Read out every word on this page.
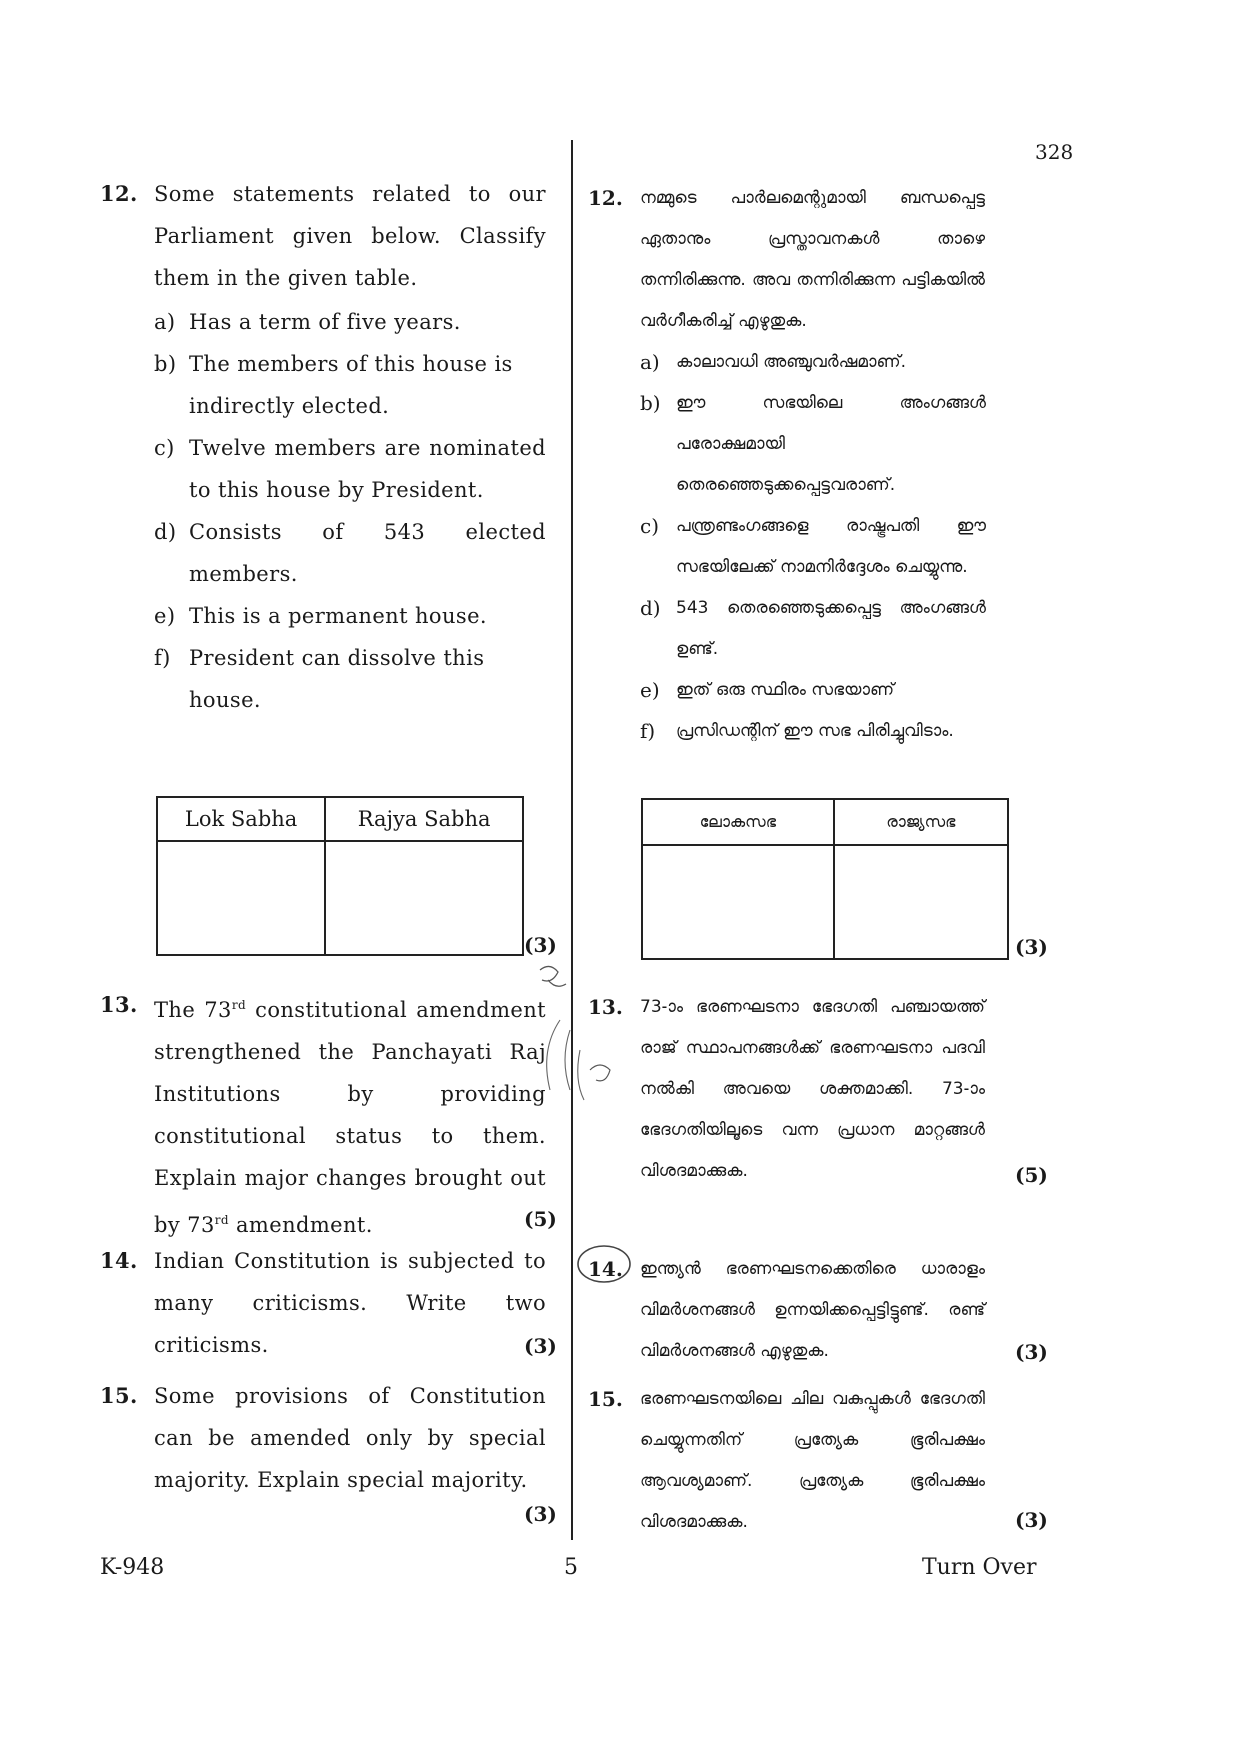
328
12. Some statements related to our Parliament given below. Classify them in the given table.
a) Has a term of five years.
b) The members of this house is indirectly elected.
c) Twelve members are nominated to this house by President.
d) Consists of 543 elected members.
e) This is a permanent house.
f) President can dissolve this house.
Lok Sabha	Rajya Sabha

(3)
13. The 73rd constitutional amendment strengthened the Panchayati Raj Institutions by providing constitutional status to them. Explain major changes brought out by 73rd amendment.	(5)
14. Indian Constitution is subjected to many criticisms. Write two criticisms.	(3)
15. Some provisions of Constitution can be amended only by special majority. Explain special majority.
(3)
12. നമ്മുടെ പാർലമെന്റുമായി ബന്ധപ്പെട്ട ഏതാനും പ്രസ്താവനകൾ താഴെ തന്നിരിക്കുന്നു. അവ തന്നിരിക്കുന്ന പട്ടികയിൽ വർഗീകരിച്ച് എഴുതുക.
a) കാലാവധി അഞ്ചുവർഷമാണ്.
b) ഈ സഭയിലെ അംഗങ്ങൾ പരോക്ഷമായി തെരഞ്ഞെടുക്കപ്പെട്ടവരാണ്.
c) പന്ത്രണ്ടംഗങ്ങളെ രാഷ്ട്രപതി ഈ സഭയിലേക്ക് നാമനിർദ്ദേശം ചെയ്യുന്നു.
d) 543 തെരഞ്ഞെടുക്കപ്പെട്ട അംഗങ്ങൾ ഉണ്ട്.
e) ഇത് ഒരു സ്ഥിരം സഭയാണ്
f) പ്രസിഡന്റിന് ഈ സഭ പിരിച്ചുവിടാം.
ലോകസഭ	രാജ്യസഭ

(3)
13. 73-ാം ഭരണഘടനാ ഭേദഗതി പഞ്ചായത്ത് രാജ് സ്ഥാപനങ്ങൾക്ക് ഭരണഘടനാ പദവി നൽകി അവയെ ശക്തമാക്കി. 73-ാം ഭേദഗതിയിലൂടെ വന്ന പ്രധാന മാറ്റങ്ങൾ വിശദമാക്കുക.	(5)
14. ഇന്ത്യൻ ഭരണഘടനക്കെതിരെ ധാരാളം വിമർശനങ്ങൾ ഉന്നയിക്കപ്പെട്ടിട്ടുണ്ട്. രണ്ട് വിമർശനങ്ങൾ എഴുതുക.	(3)
15. ഭരണഘടനയിലെ ചില വകുപ്പുകൾ ഭേദഗതി ചെയ്യുന്നതിന് പ്രത്യേക ഭൂരിപക്ഷം ആവശ്യമാണ്. പ്രത്യേക ഭൂരിപക്ഷം വിശദമാക്കുക.	(3)
K-948	5	Turn Over
